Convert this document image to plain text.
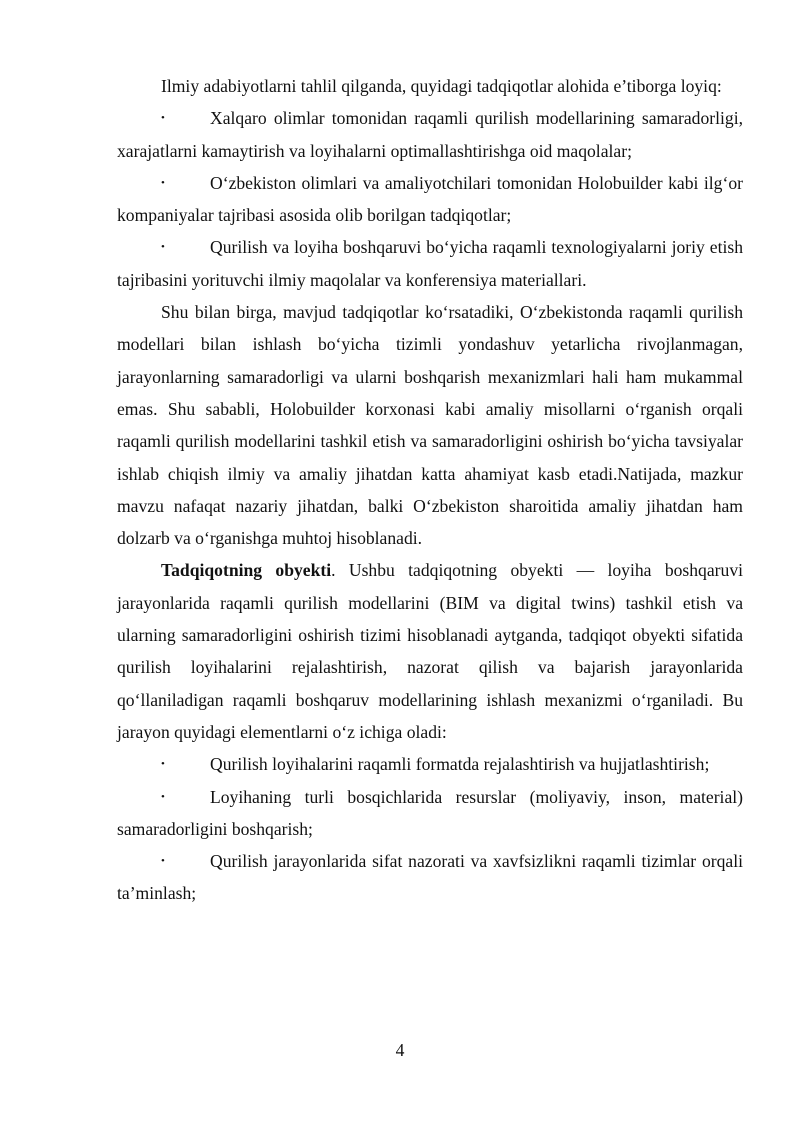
Ilmiy adabiyotlarni tahlil qilganda, quyidagi tadqiqotlar alohida e’tiborga loyiq:

•	Xalqaro olimlar tomonidan raqamli qurilish modellarining samaradorligi, xarajatlarni kamaytirish va loyihalarni optimallashtirishga oid maqolalar;

•	O‘zbekiston olimlari va amaliyotchilari tomonidan Holobuilder kabi ilg‘or kompaniyalar tajribasi asosida olib borilgan tadqiqotlar;

•	Qurilish va loyiha boshqaruvi bo‘yicha raqamli texnologiyalarni joriy etish tajribasini yorituvchi ilmiy maqolalar va konferensiya materiallari.

Shu bilan birga, mavjud tadqiqotlar ko‘rsatadiki, O‘zbekistonda raqamli qurilish modellari bilan ishlash bo‘yicha tizimli yondashuv yetarlicha rivojlanmagan, jarayonlarning samaradorligi va ularni boshqarish mexanizmlari hali ham mukammal emas. Shu sababli, Holobuilder korxonasi kabi amaliy misollarni o‘rganish orqali raqamli qurilish modellarini tashkil etish va samaradorligini oshirish bo‘yicha tavsiyalar ishlab chiqish ilmiy va amaliy jihatdan katta ahamiyat kasb etadi.Natijada, mazkur mavzu nafaqat nazariy jihatdan, balki O‘zbekiston sharoitida amaliy jihatdan ham dolzarb va o‘rganishga muhtoj hisoblanadi.

Tadqiqotning obyekti. Ushbu tadqiqotning obyekti — loyiha boshqaruvi jarayonlarida raqamli qurilish modellarini (BIM va digital twins) tashkil etish va ularning samaradorligini oshirish tizimi hisoblanadi aytganda, tadqiqot obyekti sifatida qurilish loyihalarini rejalashtirish, nazorat qilish va bajarish jarayonlarida qo‘llaniladigan raqamli boshqaruv modellarining ishlash mexanizmi o‘rganiladi. Bu jarayon quyidagi elementlarni o‘z ichiga oladi:

•	Qurilish loyihalarini raqamli formatda rejalashtirish va hujjatlashtirish;

•	Loyihaning turli bosqichlarida resurslar (moliyaviy, inson, material) samaradorligini boshqarish;

•	Qurilish jarayonlarida sifat nazorati va xavfsizlikni raqamli tizimlar orqali ta’minlash;

4
